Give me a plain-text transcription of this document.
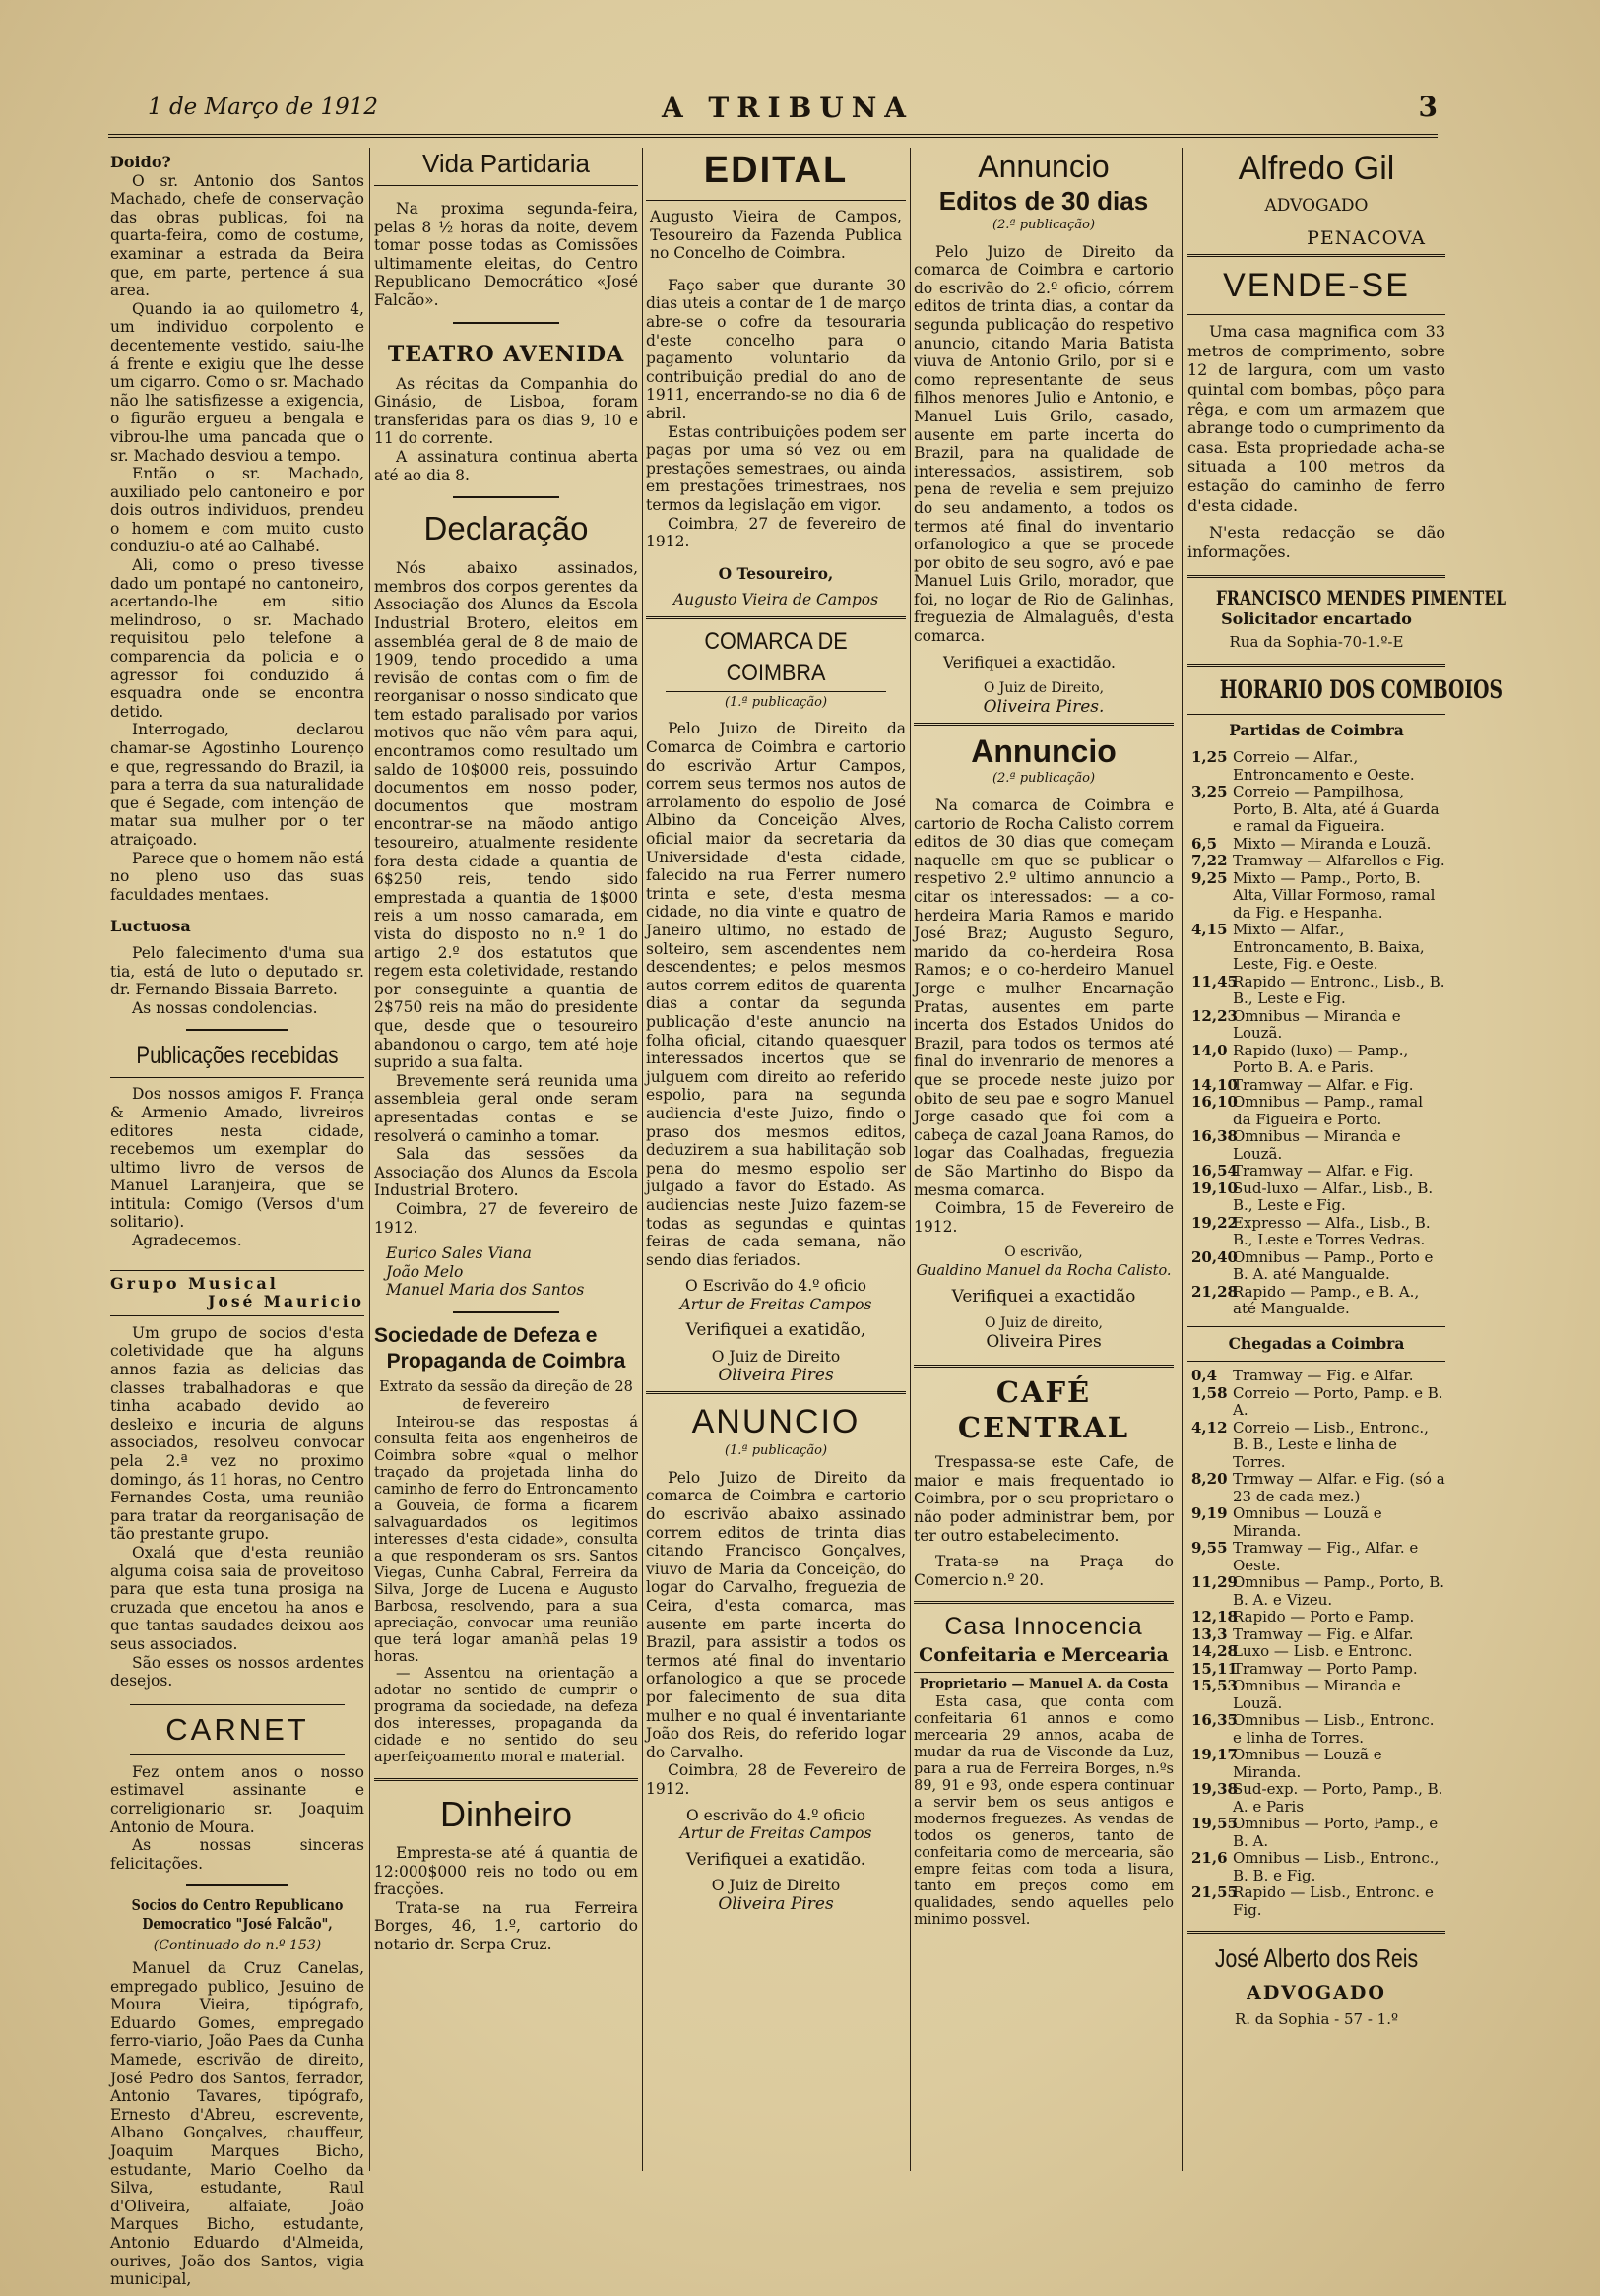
1 de Março de 1912	A TRIBUNA	3

Doido?

O sr. Antonio dos Santos Machado, chefe de conservação das obras publicas, foi na quarta-feira, como de costume, examinar a estrada da Beira que, em parte, pertence á sua area.

Quando ia ao quilometro 4, um individuo corpolento e decentemente vestido, saiu-lhe á frente e exigiu que lhe desse um cigarro. Como o sr. Machado não lhe satisfizesse a exigencia, o figurão ergueu a bengala e vibrou-lhe uma pancada que o sr. Machado desviou a tempo.

Então o sr. Machado, auxiliado pelo cantoneiro e por dois outros individuos, prendeu o homem e com muito custo conduziu-o até ao Calhabé.

Ali, como o preso tivesse dado um pontapé no cantoneiro, acertando-lhe em sitio melindroso, o sr. Machado requisitou pelo telefone a comparencia da policia e o agressor foi conduzido á esquadra onde se encontra detido.

Interrogado, declarou chamar-se Agostinho Lourenço e que, regressando do Brazil, ia para a terra da sua naturalidade que é Segade, com intenção de matar sua mulher por o ter atraiçoado.

Parece que o homem não está no pleno uso das suas faculdades mentaes.

Luctuosa

Pelo falecimento d'uma sua tia, está de luto o deputado sr. dr. Fernando Bissaia Barreto.

As nossas condolencias.

Publicações recebidas

Dos nossos amigos F. França & Armenio Amado, livreiros editores nesta cidade, recebemos um exemplar do ultimo livro de versos de Manuel Laranjeira, que se intitula: Comigo (Versos d'um solitario).

Agradecemos.

Grupo Musical

José Mauricio

Um grupo de socios d'esta coletividade que ha alguns annos fazia as delicias das classes trabalhadoras e que tinha acabado devido ao desleixo e incuria de alguns associados, resolveu convocar pela 2.ª vez no proximo domingo, ás 11 horas, no Centro Fernandes Costa, uma reunião para tratar da reorganisação de tão prestante grupo.

Oxalá que d'esta reunião alguma coisa saia de proveitoso para que esta tuna prosiga na cruzada que encetou ha anos e que tantas saudades deixou aos seus associados.

São esses os nossos ardentes desejos.

CARNET

Fez ontem anos o nosso estimavel assinante e correligionario sr. Joaquim Antonio de Moura.

As nossas sinceras felicitações.

Socios do Centro Republicano

Democratico "José Falcão",

(Continuado do n.º 153)

Manuel da Cruz Canelas, empregado publico, Jesuino de Moura Vieira, tipógrafo, Eduardo Gomes, empregado ferro-viario, João Paes da Cunha Mamede, escrivão de direito, José Pedro dos Santos, ferrador, Antonio Tavares, tipógrafo, Ernesto d'Abreu, escrevente, Albano Gonçalves, chauffeur, Joaquim Marques Bicho, estudante, Mario Coelho da Silva, estudante, Raul d'Oliveira, alfaiate, João Marques Bicho, estudante, Antonio Eduardo d'Almeida, ourives, João dos Santos, vigia municipal,

Vida Partidaria

Na proxima segunda-feira, pelas 8 ½ horas da noite, devem tomar posse todas as Comissões ultimamente eleitas, do Centro Republicano Democrático «José Falcão».

TEATRO AVENIDA

As récitas da Companhia do Ginásio, de Lisboa, foram transferidas para os dias 9, 10 e 11 do corrente.

A assinatura continua aberta até ao dia 8.

Declaração

Nós abaixo assinados, membros dos corpos gerentes da Associação dos Alunos da Escola Industrial Brotero, eleitos em assembléa geral de 8 de maio de 1909, tendo procedido a uma revisão de contas com o fim de reorganisar o nosso sindicato que tem estado paralisado por varios motivos que não vêm para aqui, encontramos como resultado um saldo de 10$000 reis, possuindo documentos em nosso poder, documentos que mostram encontrar-se na mãodo antigo tesoureiro, atualmente residente fora desta cidade a quantia de 6$250 reis, tendo sido emprestada a quantia de 1$000 reis a um nosso camarada, em vista do disposto no n.º 1 do artigo 2.º dos estatutos que regem esta coletividade, restando por conseguinte a quantia de 2$750 reis na mão do presidente que, desde que o tesoureiro abandonou o cargo, tem até hoje suprido a sua falta.

Brevemente será reunida uma assembleia geral onde seram apresentadas contas e se resolverá o caminho a tomar.

Sala das sessões da Associação dos Alunos da Escola Industrial Brotero.

Coimbra, 27 de fevereiro de 1912.

Eurico Sales Viana

João Melo

Manuel Maria dos Santos

Sociedade de Defeza e

Propaganda de Coimbra

Extrato da sessão da direção de 28 de fevereiro

Inteirou-se das respostas á consulta feita aos engenheiros de Coimbra sobre «qual o melhor traçado da projetada linha do caminho de ferro do Entroncamento a Gouveia, de forma a ficarem salvaguardados os legitimos interesses d'esta cidade», consulta a que responderam os srs. Santos Viegas, Cunha Cabral, Ferreira da Silva, Jorge de Lucena e Augusto Barbosa, resolvendo, para a sua apreciação, convocar uma reunião que terá logar amanhã pelas 19 horas.

— Assentou na orientação a adotar no sentido de cumprir o programa da sociedade, na defeza dos interesses, propaganda da cidade e no sentido do seu aperfeiçoamento moral e material.

Dinheiro

Empresta-se até á quantia de 12:000$000 reis no todo ou em fracções.

Trata-se na rua Ferreira Borges, 46, 1.º, cartorio do notario dr. Serpa Cruz.

EDITAL

Augusto Vieira de Campos, Tesoureiro da Fazenda Publica no Concelho de Coimbra.

Faço saber que durante 30 dias uteis a contar de 1 de março abre-se o cofre da tesouraria d'este concelho para o pagamento voluntario da contribuição predial do ano de 1911, encerrando-se no dia 6 de abril.

Estas contribuições podem ser pagas por uma só vez ou em prestações semestraes, ou ainda em prestações trimestraes, nos termos da legislação em vigor.

Coimbra, 27 de fevereiro de 1912.

O Tesoureiro,

Augusto Vieira de Campos

COMARCA DE COIMBRA

(1.ª publicação)

Pelo Juizo de Direito da Comarca de Coimbra e cartorio do escrivão Artur Campos, correm seus termos nos autos de arrolamento do espolio de José Albino da Conceição Alves, oficial maior da secretaria da Universidade d'esta cidade, falecido na rua Ferrer numero trinta e sete, d'esta mesma cidade, no dia vinte e quatro de Janeiro ultimo, no estado de solteiro, sem ascendentes nem descendentes; e pelos mesmos autos correm editos de quarenta dias a contar da segunda publicação d'este anuncio na folha oficial, citando quaesquer interessados incertos que se julguem com direito ao referido espolio, para na segunda audiencia d'este Juizo, findo o praso dos mesmos editos, deduzirem a sua habilitação sob pena do mesmo espolio ser julgado a favor do Estado. As audiencias neste Juizo fazem-se todas as segundas e quintas feiras de cada semana, não sendo dias feriados.

O Escrivão do 4.º oficio

Artur de Freitas Campos

Verifiquei a exatidão,

O Juiz de Direito

Oliveira Pires

ANUNCIO

(1.ª publicação)

Pelo Juizo de Direito da comarca de Coimbra e cartorio do escrivão abaixo assinado correm editos de trinta dias citando Francisco Gonçalves, viuvo de Maria da Conceição, do logar do Carvalho, freguezia de Ceira, d'esta comarca, mas ausente em parte incerta do Brazil, para assistir a todos os termos até final do inventario orfanologico a que se procede por falecimento de sua dita mulher e no qual é inventariante João dos Reis, do referido logar do Carvalho.

Coimbra, 28 de Fevereiro de 1912.

O escrivão do 4.º oficio

Artur de Freitas Campos

Verifiquei a exatidão.

O Juiz de Direito

Oliveira Pires

Annuncio

Editos de 30 dias

(2.ª publicação)

Pelo Juizo de Direito da comarca de Coimbra e cartorio do escrivão do 2.º oficio, córrem editos de trinta dias, a contar da segunda publicação do respetivo anuncio, citando Maria Batista viuva de Antonio Grilo, por si e como representante de seus filhos menores Julio e Antonio, e Manuel Luis Grilo, casado, ausente em parte incerta do Brazil, para na qualidade de interessados, assistirem, sob pena de revelia e sem prejuizo do seu andamento, a todos os termos até final do inventario orfanologico a que se procede por obito de seu sogro, avó e pae Manuel Luis Grilo, morador, que foi, no logar de Rio de Galinhas, freguezia de Almalaguês, d'esta comarca.

Verifiquei a exactidão.

O Juiz de Direito,

Oliveira Pires.

Annuncio

(2.ª publicação)

Na comarca de Coimbra e cartorio de Rocha Calisto correm editos de 30 dias que começam naquelle em que se publicar o respetivo 2.º ultimo annuncio a citar os interessados: — a co-herdeira Maria Ramos e marido José Braz; Augusto Segurо, marido da co-herdeira Rosa Ramos; e o co-herdeiro Manuel Jorge e mulher Encarnação Pratas, ausentes em parte incerta dos Estados Unidos do Brazil, para todos os termos até final do invenrario de menores a que se procede neste juizo por obito de seu pae e sogro Manuel Jorge casado que foi com a cabeça de cazal Joana Ramos, do logar das Coalhadas, freguezia de São Martinho do Bispo da mesma comarca.

Coimbra, 15 de Fevereiro de 1912.

O escrivão,

Gualdino Manuel da Rocha Calisto.

Verifiquei a exactidão

O Juiz de direito,

Oliveira Pires

CAFÉ CENTRAL

Trespassa-se este Cafe, de maior e mais frequentado io Coimbra, por o seu proprietaro o não poder administrar bem, por ter outro estabelecimento.

Trata-se na Praça do Comercio n.º 20.

Casa Innocencia

Confeitaria e Mercearia

Proprietario — Manuel A. da Costa

Esta casa, que conta com confeitaria 61 annos e como mercearia 29 annos, acaba de mudar da rua de Visconde da Luz, para a rua de Ferreira Borges, n.ºs 89, 91 e 93, onde espera continuar a servir bem os seus antigos e modernos freguezes. As vendas de todos os generos, tanto de confeitaria como de mercearia, são empre feitas com toda a lisura, tanto em preços como em qualidades, sendo aquelles pelo minimo possvel.

Alfredo Gil

ADVOGADO

PENACOVA

VENDE-SE

Uma casa magnifica com 33 metros de comprimento, sobre 12 de largura, com um vasto quintal com bombas, pôço para rêga, e com um armazem que abrange todo o cumprimento da casa. Esta propriedade acha-se situada a 100 metros da estação do caminho de ferro d'esta cidade.

N'esta redacção se dão informações.

FRANCISCO MENDES PIMENTEL

Solicitador encartado

Rua da Sophia-70-1.º-E

HORARIO DOS COMBOIOS

Partidas de Coimbra

1,25 Correio — Alfar., Entroncamento e Oeste.

3,25 Correio — Pampilhosa, Porto, B. Alta, até á Guarda e ramal da Figueira.

6,5 Mixto — Miranda e Louzã.

7,22 Tramway — Alfarellos e Fig.

9,25 Mixto — Pamp., Porto, B. Alta, Villar Formoso, ramal da Fig. e Hespanha.

4,15 Mixto — Alfar., Entroncamento, B. Baixa, Leste, Fig. e Oeste.

11,45
Rapido — Entronc., Lisb., B. B., Leste e Fig.

12,23
Omnibus — Miranda e Louzã.

14,0 Rapido (luxo) — Pamp., Porto B. A. e Paris.

14,10
Tramway — Alfar. e Fig.

16,10
Omnibus — Pamp., ramal da Figueira e Porto.

16,38
Omnibus — Miranda e Louzã.

16,54
Tramway — Alfar. e Fig.

19,10
Sud-luxo — Alfar., Lisb., B. B., Leste e Fig.

19,22
Expresso — Alfa., Lisb., B. B., Leste e Torres Vedras.

20,40
Omnibus — Pamp., Porto e B. A. até Mangualde.

21,28
Rapido — Pamp., e B. A., até Mangualde.

Chegadas a Coimbra

0,4 Tramway — Fig. e Alfar.

1,58 Correio — Porto, Pamp. e B. A.

4,12 Correio — Lisb., Entronc., B. B., Leste e linha de Torres.

8,20 Trmway — Alfar. e Fig. (só a 23 de cada mez.)

9,19 Omnibus — Louzã e Miranda.

9,55 Tramway — Fig., Alfar. e Oeste.

11,29
Omnibus — Pamp., Porto, B. B. A. e Vizeu.

12,18
Rapido — Porto e Pamp.

13,3 Tramway — Fig. e Alfar.

14,28
Luxo — Lisb. e Entronc.

15,11
Tramway — Porto Pamp.

15,53
Omnibus — Miranda e Louzã.

16,35
Omnibus — Lisb., Entronc. e linha de Torres.

19,17
Omnibus — Louzã e Miranda.

19,38
Sud-exp. — Porto, Pamp., B. A. e Paris

19,55
Omnibus — Porto, Pamp., e B. A.

21,6 Omnibus — Lisb., Entronc., B. B. e Fig.

21,55
Rapido — Lisb., Entronc. e Fig.

José Alberto dos Reis

ADVOGADO

R. da Sophia - 57 - 1.º
